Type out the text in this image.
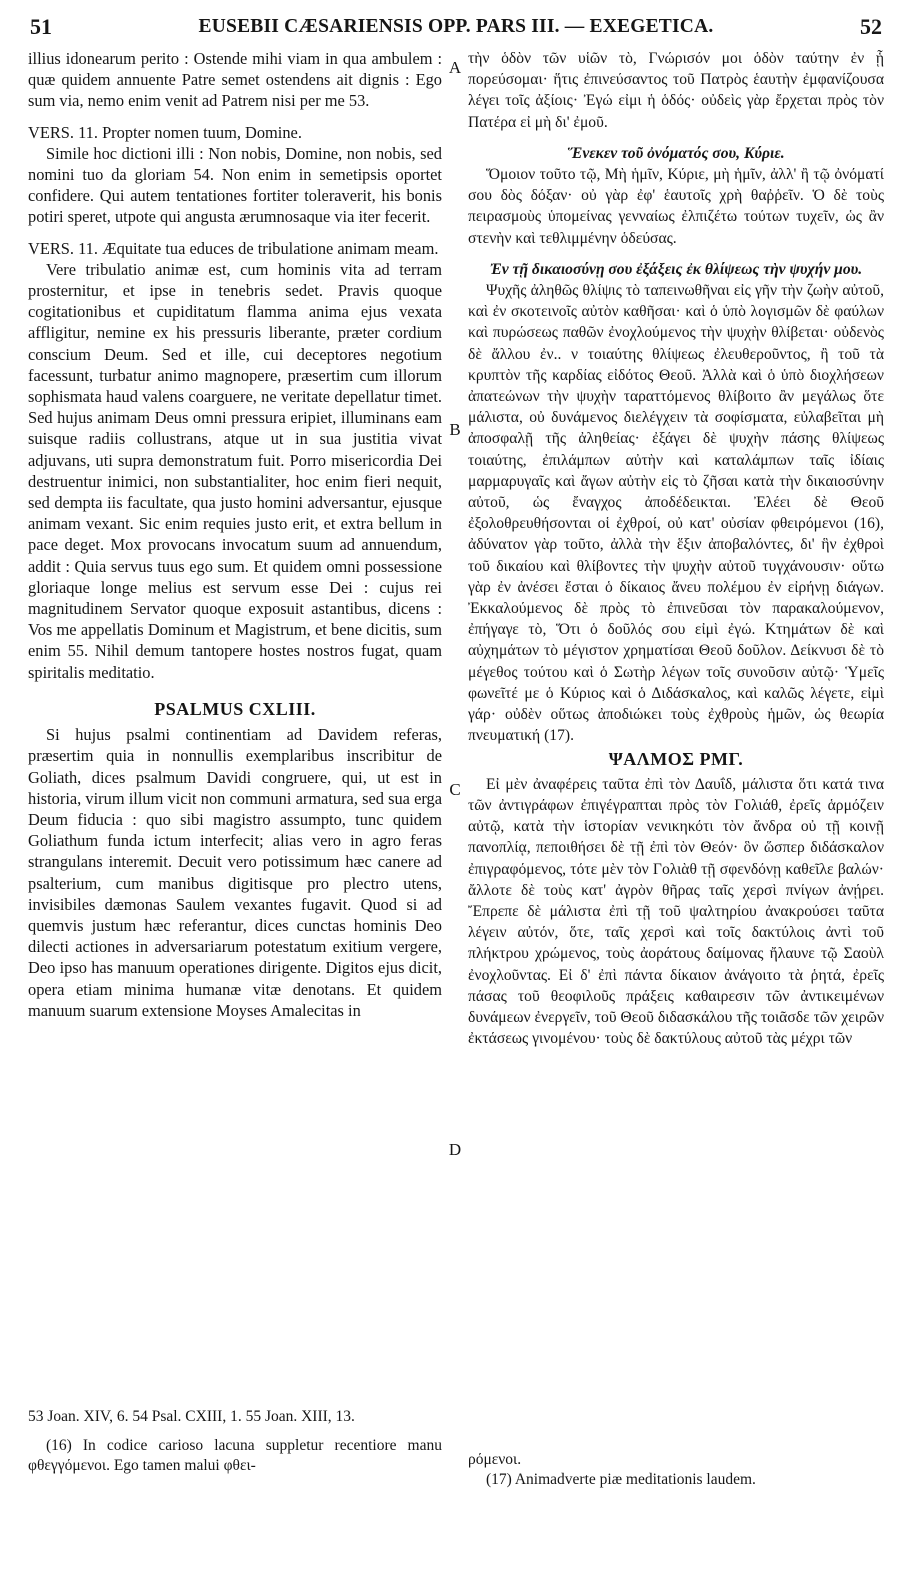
51	EUSEBII CÆSARIENSIS OPP. PARS III. — EXEGETICA.	52

illius idonearum perito : Ostende mihi viam in qua ambulem : quæ quidem annuente Patre semet ostendens ait dignis : Ego sum via, nemo enim venit ad Patrem nisi per me 53.

VERS. 11. Propter nomen tuum, Domine.

Simile hoc dictioni illi : Non nobis, Domine, non nobis, sed nomini tuo da gloriam 54. Non enim in semetipsis oportet confidere. Qui autem tentationes fortiter toleraverit, his bonis potiri speret, utpote qui angusta ærumnosaque via iter fecerit.

VERS. 11. Æquitate tua educes de tribulatione animam meam.

Vere tribulatio animæ est, cum hominis vita ad terram prosternitur, et ipse in tenebris sedet. Pravis quoque cogitationibus et cupiditatum flamma anima ejus vexata affligitur, nemine ex his pressuris liberante, præter cordium conscium Deum. Sed et ille, cui deceptores negotium facessunt, turbatur animo magnopere, præsertim cum illorum sophismata haud valens coarguere, ne veritate depellatur timet. Sed hujus animam Deus omni pressura eripiet, illuminans eam suisque radiis collustrans, atque ut in sua justitia vivat adjuvans, uti supra demonstratum fuit. Porro misericordia Dei destruentur inimici, non substantialiter, hoc enim fieri nequit, sed dempta iis facultate, qua justo homini adversantur, ejusque animam vexant. Sic enim requies justo erit, et extra bellum in pace deget. Mox provocans invocatum suum ad annuendum, addit : Quia servus tuus ego sum. Et quidem omni possessione gloriaque longe melius est servum esse Dei : cujus rei magnitudinem Servator quoque exposuit astantibus, dicens : Vos me appellatis Dominum et Magistrum, et bene dicitis, sum enim 55. Nihil demum tantopere hostes nostros fugat, quam spiritalis meditatio.

PSALMUS CXLIII.

Si hujus psalmi continentiam ad Davidem referas, præsertim quia in nonnullis exemplaribus inscribitur de Goliath, dices psalmum Davidi congruere, qui, ut est in historia, virum illum vicit non communi armatura, sed sua erga Deum fiducia : quo sibi magistro assumpto, tunc quidem Goliathum funda ictum interfecit; alias vero in agro feras strangulans interemit. Decuit vero potissimum hæc canere ad psalterium, cum manibus digitisque pro plectro utens, invisibiles dæmonas Saulem vexantes fugavit. Quod si ad quemvis justum hæc referantur, dices cunctas hominis Deo dilecti actiones in adversariarum potestatum exitium vergere, Deo ipso has manuum operationes dirigente. Digitos ejus dicit, opera etiam minima humanæ vitæ denotans. Et quidem manuum suarum extensione Moyses Amalecitas in

τὴν ὁδὸν τῶν υἱῶν τὸ, Γνώρισόν μοι ὁδὸν ταύτην ἐν ᾗ πορεύσομαι· ἥτις ἐπινεύσαντος τοῦ Πατρὸς ἑαυτὴν ἐμφανίζουσα λέγει τοῖς ἀξίοις· Ἐγώ εἰμι ἡ ὁδός· οὐδεὶς γὰρ ἔρχεται πρὸς τὸν Πατέρα εἰ μὴ δι' ἐμοῦ.

Ἕνεκεν τοῦ ὀνόματός σου, Κύριε.

Ὅμοιον τοῦτο τῷ, Μὴ ἡμῖν, Κύριε, μὴ ἡμῖν, ἀλλ' ἢ τῷ ὀνόματί σου δὸς δόξαν· οὐ γὰρ ἐφ' ἑαυτοῖς χρὴ θαῤῥεῖν. Ὁ δὲ τοὺς πειρασμοὺς ὑπομείνας γενναίως ἐλπιζέτω τούτων τυχεῖν, ὡς ἂν στενὴν καὶ τεθλιμμένην ὁδεύσας.

Ἐν τῇ δικαιοσύνῃ σου ἐξάξεις ἐκ θλίψεως τὴν ψυχήν μου.

Ψυχῆς ἀληθῶς θλίψις τὸ ταπεινωθῆναι εἰς γῆν τὴν ζωὴν αὐτοῦ, καὶ ἐν σκοτεινοῖς αὐτὸν καθῆσαι· καὶ ὁ ὑπὸ λογισμῶν δὲ φαύλων καὶ πυρώσεως παθῶν ἐνοχλούμενος τὴν ψυχὴν θλίβεται· οὐδενὸς δὲ ἄλλου ἐν.. ν τοιαύτης θλίψεως ἐλευθεροῦντος, ἢ τοῦ τὰ κρυπτὸν τῆς καρδίας εἰδότος Θεοῦ. Ἀλλὰ καὶ ὁ ὑπὸ διοχλήσεων ἀπατεώνων τὴν ψυχὴν ταραττόμενος θλίβοιτο ἂν μεγάλως ὅτε μάλιστα, οὐ δυνάμενος διελέγχειν τὰ σοφίσματα, εὐλαβεῖται μὴ ἀποσφαλῇ τῆς ἀληθείας· ἐξάγει δὲ ψυχὴν πάσης θλίψεως τοιαύτης, ἐπιλάμπων αὐτὴν καὶ καταλάμπων ταῖς ἰδίαις μαρμαρυγαῖς καὶ ἄγων αὐτὴν εἰς τὸ ζῆσαι κατὰ τὴν δικαιοσύνην αὐτοῦ, ὡς ἔναγχος ἀποδέδεικται. Ἐλέει δὲ Θεοῦ ἐξολοθρευθήσονται οἱ ἐχθροί, οὐ κατ' οὐσίαν φθειρόμενοι (16), ἀδύνατον γὰρ τοῦτο, ἀλλὰ τὴν ἕξιν ἀποβαλόντες, δι' ἣν ἐχθροὶ τοῦ δικαίου καὶ θλίβοντες τὴν ψυχὴν αὐτοῦ τυγχάνουσιν· οὕτω γὰρ ἐν ἀνέσει ἔσται ὁ δίκαιος ἄνευ πολέμου ἐν εἰρήνῃ διάγων. Ἐκκαλούμενος δὲ πρὸς τὸ ἐπινεῦσαι τὸν παρακαλούμενον, ἐπήγαγε τὸ, Ὅτι ὁ δοῦλός σου εἰμὶ ἐγώ. Κτημάτων δὲ καὶ αὐχημάτων τὸ μέγιστον χρηματίσαι Θεοῦ δοῦλον. Δείκνυσι δὲ τὸ μέγεθος τούτου καὶ ὁ Σωτὴρ λέγων τοῖς συνοῦσιν αὐτῷ· Ὑμεῖς φωνεῖτέ με ὁ Κύριος καὶ ὁ Διδάσκαλος, καὶ καλῶς λέγετε, εἰμὶ γάρ· οὐδὲν οὕτως ἀποδιώκει τοὺς ἐχθροὺς ἡμῶν, ὡς θεωρία πνευματική (17).

ΨΑΛΜΟΣ ΡΜΓ.

Εἰ μὲν ἀναφέρεις ταῦτα ἐπὶ τὸν Δαυΐδ, μάλιστα ὅτι κατά τινα τῶν ἀντιγράφων ἐπιγέγραπται πρὸς τὸν Γολιάθ, ἐρεῖς ἁρμόζειν αὐτῷ, κατὰ τὴν ἱστορίαν νενικηκότι τὸν ἄνδρα οὐ τῇ κοινῇ πανοπλίᾳ, πεποιθήσει δὲ τῇ ἐπὶ τὸν Θεόν· ὃν ὥσπερ διδάσκαλον ἐπιγραφόμενος, τότε μὲν τὸν Γολιὰθ τῇ σφενδόνῃ καθεῖλε βαλών· ἄλλοτε δὲ τοὺς κατ' ἀγρὸν θῆρας ταῖς χερσὶ πνίγων ἀνῄρει. Ἔπρεπε δὲ μάλιστα ἐπὶ τῇ τοῦ ψαλτηρίου ἀνακρούσει ταῦτα λέγειν αὐτόν, ὅτε, ταῖς χερσὶ καὶ τοῖς δακτύλοις ἀντὶ τοῦ πλήκτρου χρώμενος, τοὺς ἀοράτους δαίμονας ἤλαυνε τῷ Σαοὺλ ἐνοχλοῦντας. Εἰ δ' ἐπὶ πάντα δίκαιον ἀνάγοιτο τὰ ῥητά, ἐρεῖς πάσας τοῦ θεοφιλοῦς πράξεις καθαιρεσιν τῶν ἀντικειμένων δυνάμεων ἐνεργεῖν, τοῦ Θεοῦ διδασκάλου τῆς τοιᾶσδε τῶν χειρῶν ἐκτάσεως γινομένου· τοὺς δὲ δακτύλους αὐτοῦ τὰς μέχρι τῶν

A
B
C
D
53 Joan. XIV, 6. 54 Psal. CXIII, 1. 55 Joan. XIII, 13.

(16) In codice carioso lacuna suppletur recentiore manu φθεγγόμενοι. Ego tamen malui φθει-	ρόμενοι.

(17) Animadverte piæ meditationis laudem.
